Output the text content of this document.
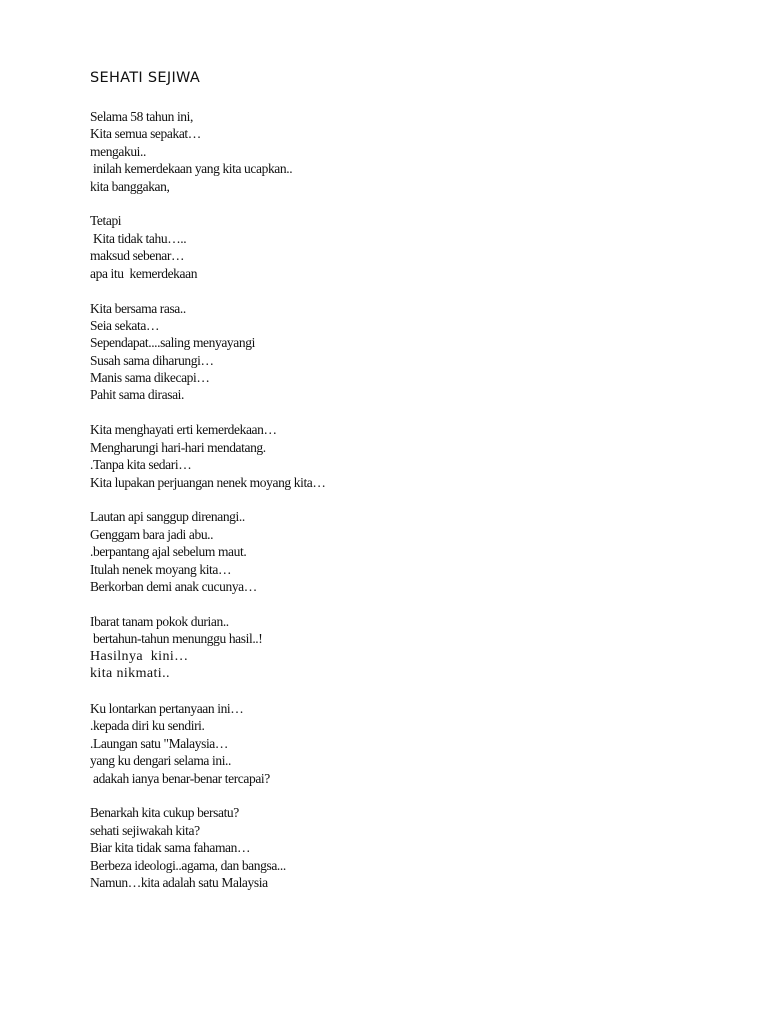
SEHATI SEJIWA
Selama 58 tahun ini,
Kita semua sepakat…
mengakui..
inilah kemerdekaan yang kita ucapkan..
kita banggakan,
Tetapi
Kita tidak tahu…..
maksud sebenar…
apa itu  kemerdekaan
Kita bersama rasa..
Seia sekata…
Sependapat....saling menyayangi
Susah sama diharungi…
Manis sama dikecapi…
Pahit sama dirasai.
Kita menghayati erti kemerdekaan…
Mengharungi hari-hari mendatang.
.Tanpa kita sedari…
Kita lupakan perjuangan nenek moyang kita…
Lautan api sanggup direnangi..
Genggam bara jadi abu..
.berpantang ajal sebelum maut.
Itulah nenek moyang kita…
Berkorban demi anak cucunya…
Ibarat tanam pokok durian..
bertahun-tahun menunggu hasil..!
Hasilnya  kini…
kita nikmati..
Ku lontarkan pertanyaan ini…
.kepada diri ku sendiri.
.Laungan satu "Malaysia…
yang ku dengari selama ini..
adakah ianya benar-benar tercapai?
Benarkah kita cukup bersatu?
sehati sejiwakah kita?
Biar kita tidak sama fahaman…
Berbeza ideologi..agama, dan bangsa...
Namun…kita adalah satu Malaysia
